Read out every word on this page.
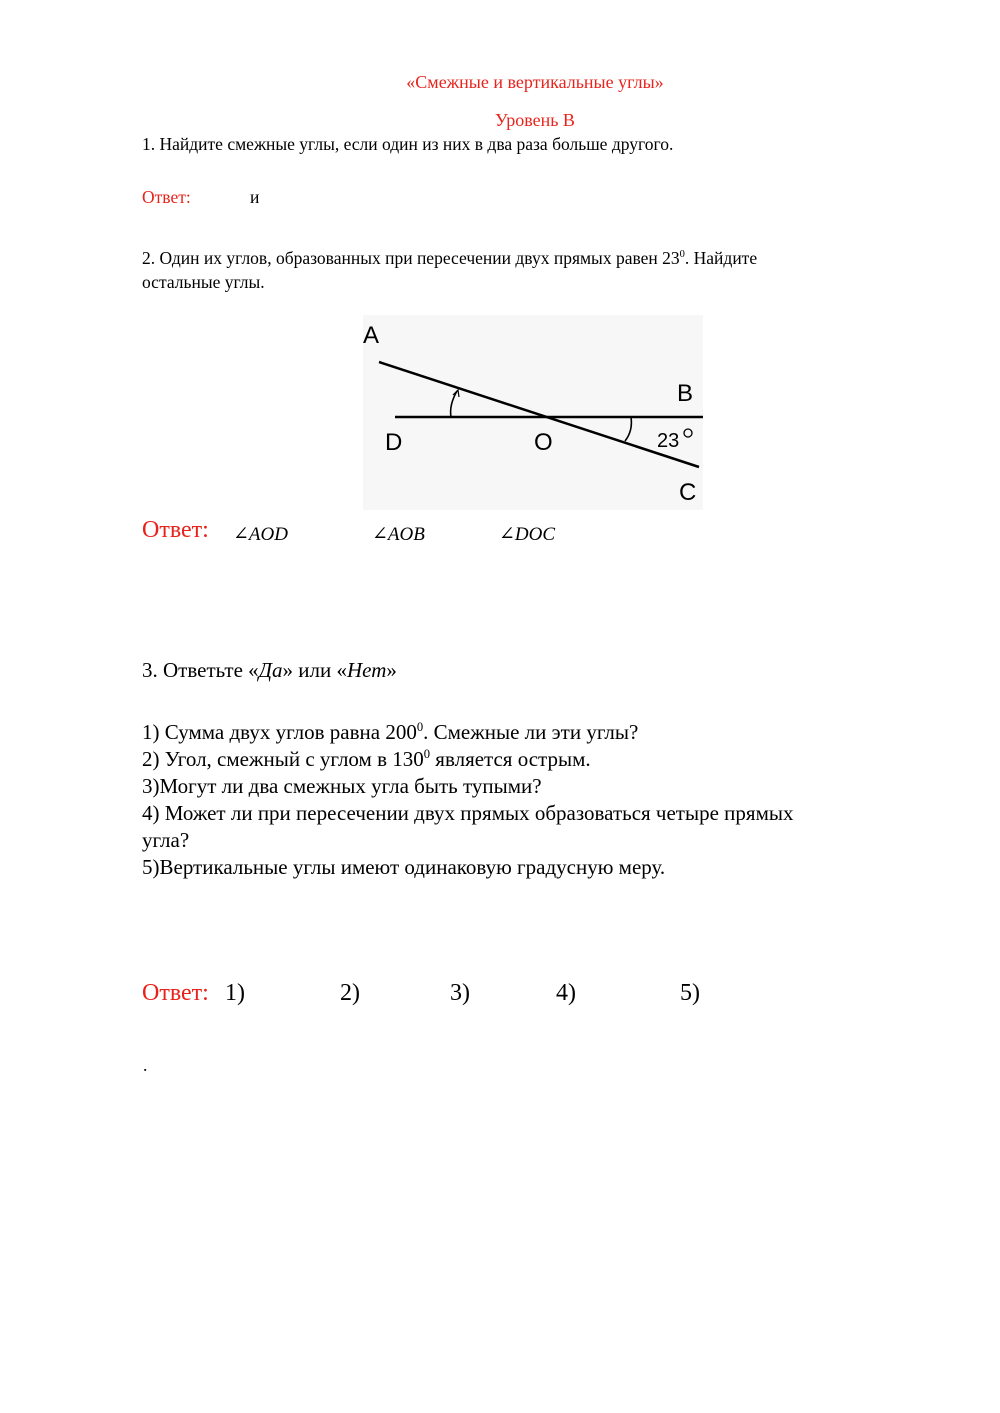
«Смежные и вертикальные углы»
Уровень В
1. Найдите смежные углы, если один из них в два раза больше другого.
Ответ:	и
2. Один их углов, образованных при пересечении двух прямых равен $23^0$. Найдите
остальные углы.
A
B
C
D	O	23
Ответ: ∠AOD	∠AOB	∠DOC
3. Ответьте «Да» или «Нет»
1) Сумма двух углов равна $200^0$. Смежные ли эти углы?
2) Угол, смежный с углом в $130^0$ является острым.
3)Могут ли два смежных угла быть тупыми?
4) Может ли при пересечении двух прямых образоваться четыре прямых
угла?
5)Вертикальные углы имеют одинаковую градусную меру.
Ответ: 1)	2)	3)	4)	5)
.
